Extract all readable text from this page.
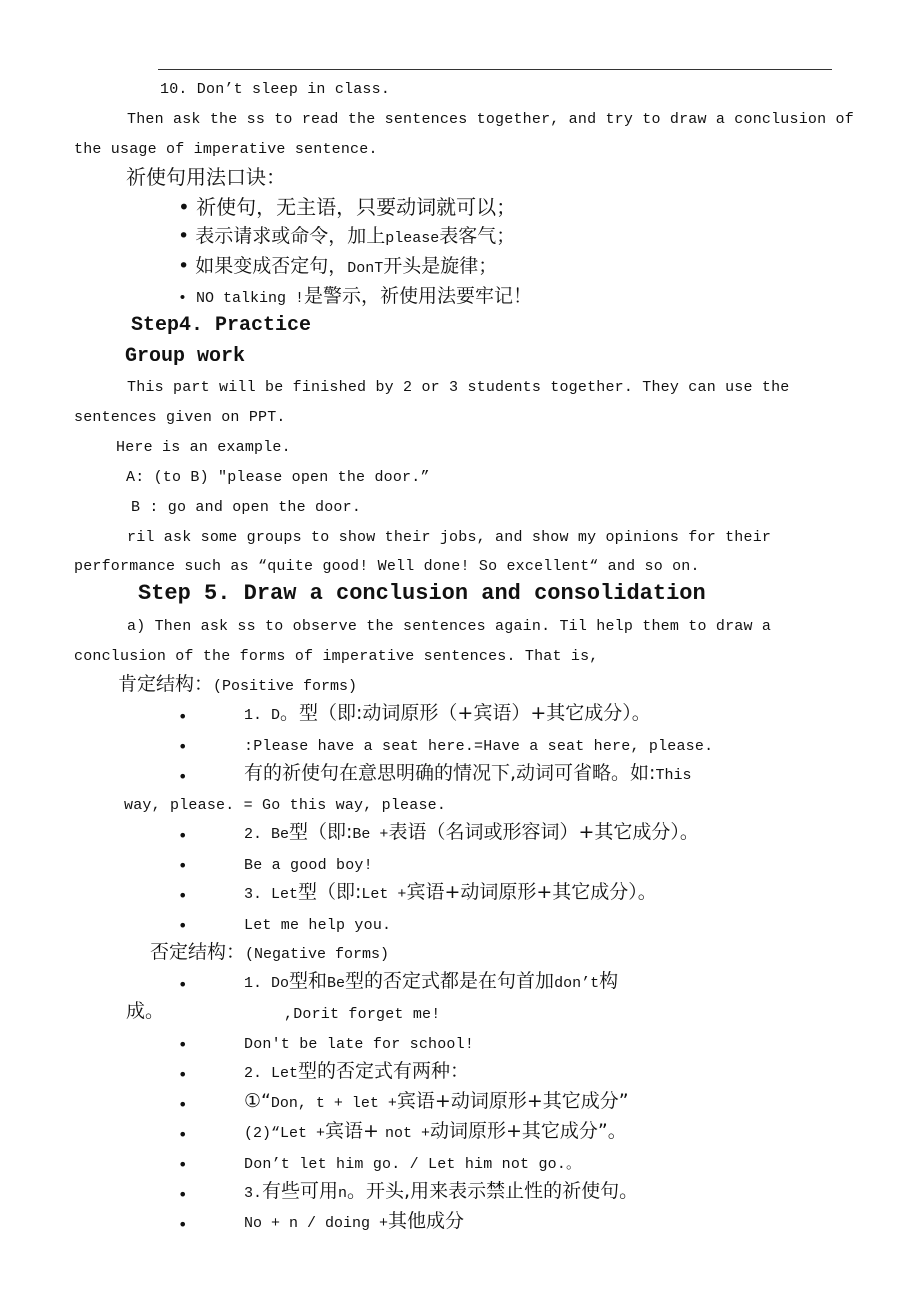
10. Don’t sleep in class.
Then ask the ss to read the sentences together, and try to draw a conclusion of
the usage of imperative sentence.
祈使句用法口诀：
• 祈使句，无主语，只要动词就可以；
• 表示请求或命令，加上please表客气；
• 如果变成否定句，DonT开头是旋律；
• NO talking !是警示，祈使用法要牢记！
Step4. Practice
Group work
This part will be finished by 2 or 3 students together. They can use the
sentences given on PPT.
Here is an example.
A: (to B) "please open the door.”
B : go and open the door.
ril ask some groups to show their jobs, and show my opinions for their
performance such as “quite good! Well done! So excellent“ and so on.
Step 5. Draw a conclusion and consolidation
a) Then ask ss to observe the sentences again. Til help them to draw a
conclusion of the forms of imperative sentences. That is,
肯定结构：(Positive forms)
•	1. D。型（即:动词原形（+宾语）+其它成分）。
•	:Please have a seat here.=Have a seat here, please.
•	有的祈使句在意思明确的情况下,动词可省略。如:This
way, please. = Go this way, please.
•	2. Be型（即:Be +表语（名词或形容词）+其它成分）。
•	Be a good boy!
•	3. Let型（即:Let +宾语+动词原形+其它成分）。
•	Let me help you.
否定结构：(Negative forms)
•	1. Do型和Be型的否定式都是在句首加don’t构
成。	,Dorit forget me!
•	Don't be late for school!
•	2. Let型的否定式有两种：
•	①“Don, t + let +宾语+动词原形+其它成分”
•	(2)“Let +宾语+ not +动词原形+其它成分”。
•	Don’t let him go. / Let him not go.。
•	3.有些可用n。开头,用来表示禁止性的祈使句。
•	No + n / doing +其他成分
